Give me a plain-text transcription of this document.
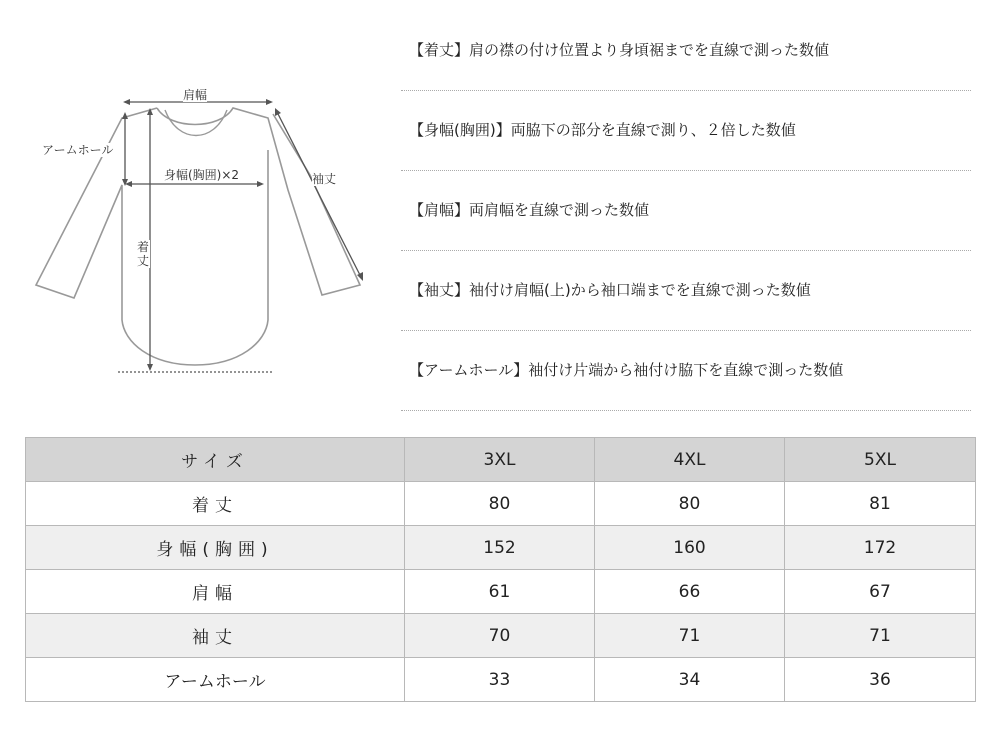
肩幅
アームホール
身幅(胸囲)×2
着丈
袖丈
【着丈】肩の襟の付け位置より身頃裾までを直線で測った数値
【身幅(胸囲)】両脇下の部分を直線で測り、２倍した数値
【肩幅】両肩幅を直線で測った数値
【袖丈】袖付け肩幅(上)から袖口端までを直線で測った数値
【アームホール】袖付け片端から袖付け脇下を直線で測った数値
サイズ	3XL	4XL	5XL
着丈	80	80	81
身幅(胸囲)	152	160	172
肩幅	61	66	67
袖丈	70	71	71
アームホール	33	34	36
